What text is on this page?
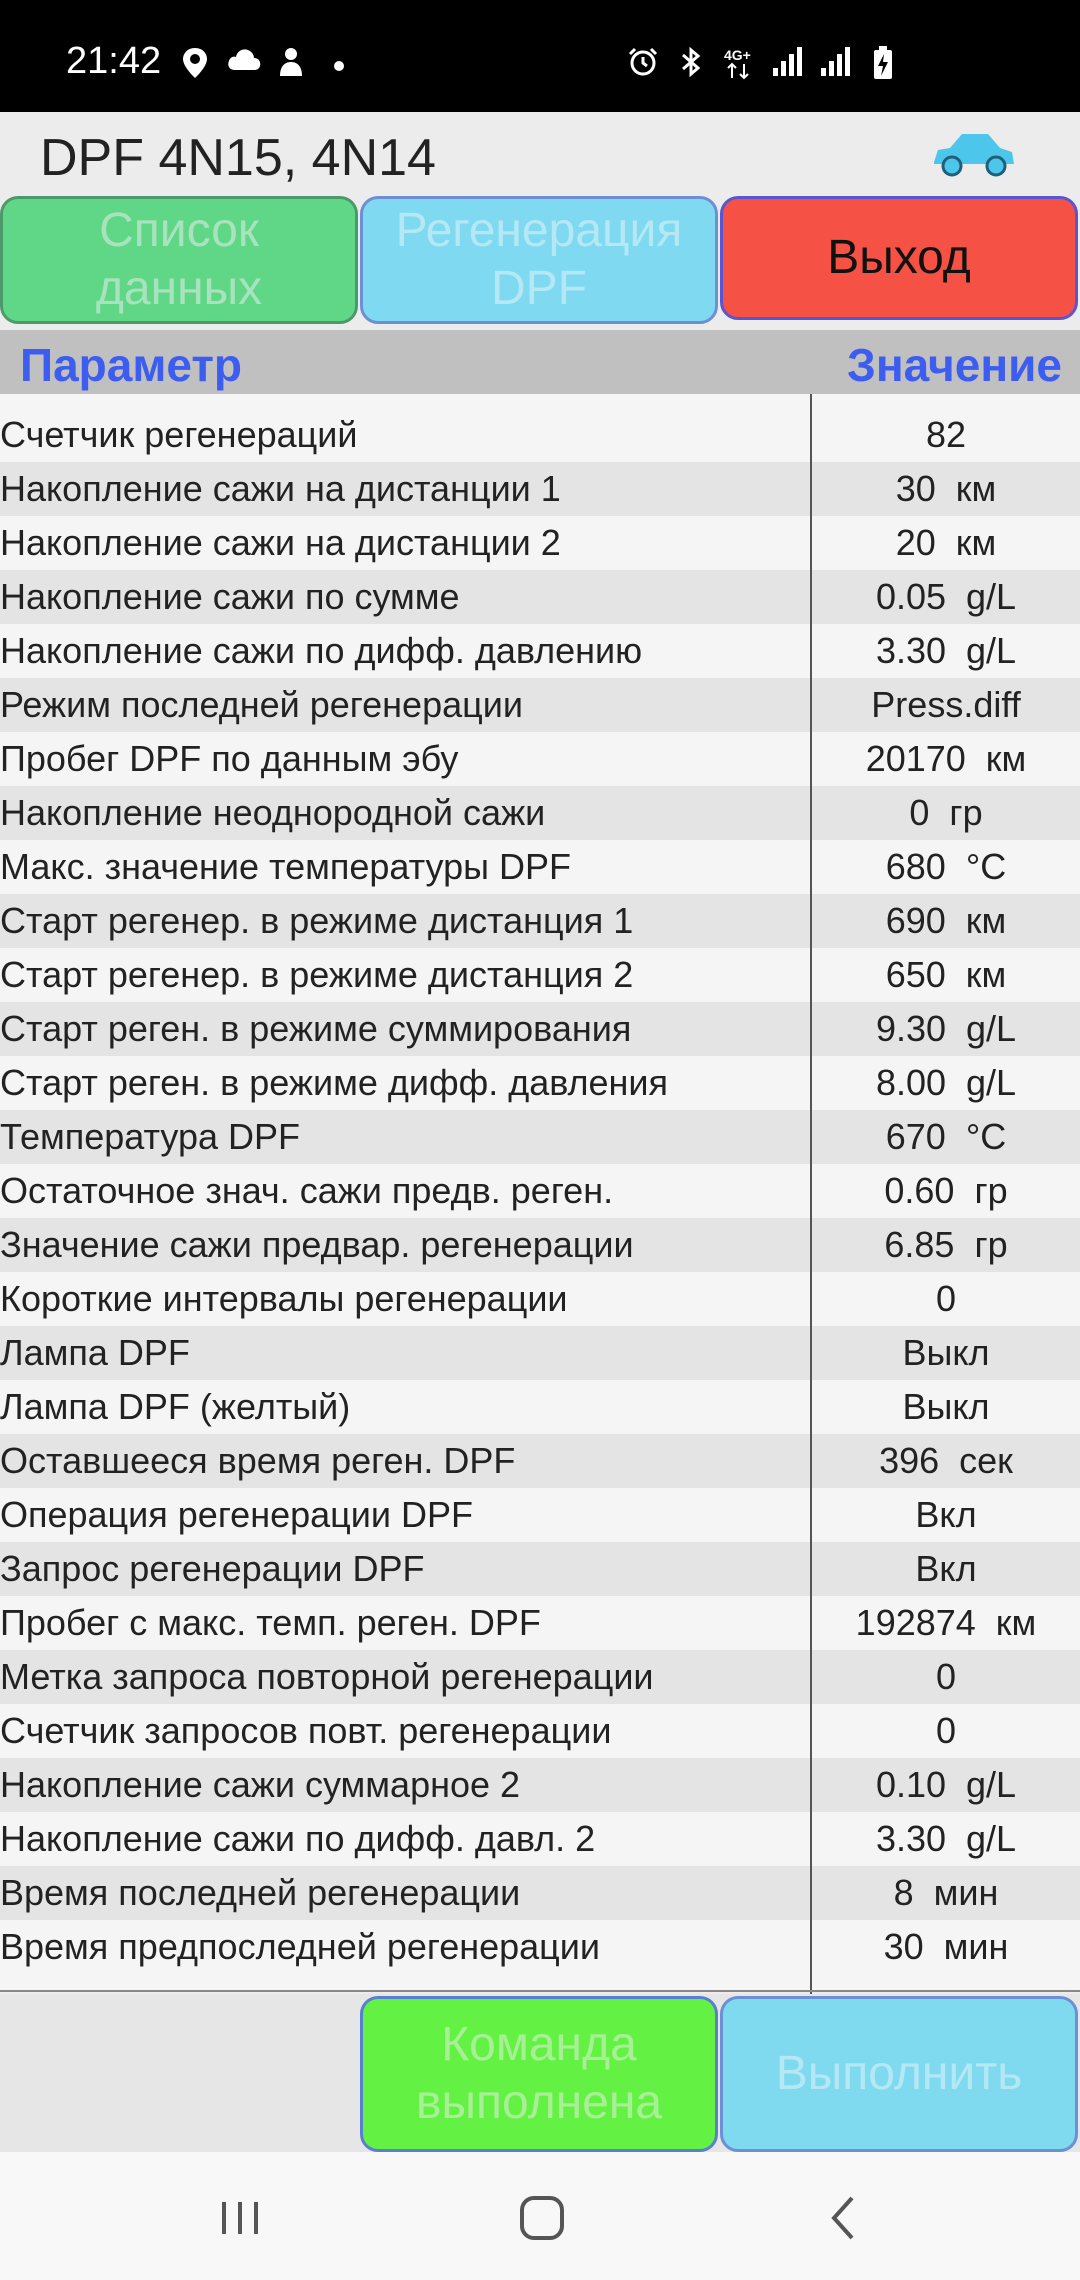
21:42	4G+
DPF 4N15, 4N14
Список
данных
Регенерация
DPF
Выход
Параметр	Значение
Счетчик регенераций	82
Накопление сажи на дистанции 1	30  км
Накопление сажи на дистанции 2	20  км
Накопление сажи по сумме	0.05  g/L
Накопление сажи по дифф. давлению	3.30  g/L
Режим последней регенерации	Press.diff
Пробег DPF по данным эбу	20170  км
Накопление неоднородной сажи	0  гр
Макс. значение температуры DPF	680  °C
Старт регенер. в режиме дистанция 1	690  км
Старт регенер. в режиме дистанция 2	650  км
Старт реген. в режиме суммирования	9.30  g/L
Старт реген. в режиме дифф. давления	8.00  g/L
Температура DPF	670  °C
Остаточное знач. сажи предв. реген.	0.60  гр
Значение сажи предвар. регенерации	6.85  гр
Короткие интервалы регенерации	0
Лампа DPF	Выкл
Лампа DPF (желтый)	Выкл
Оставшееся время реген. DPF	396  сек
Операция регенерации DPF	Вкл
Запрос регенерации DPF	Вкл
Пробег с макс. темп. реген. DPF	192874  км
Метка запроса повторной регенерации	0
Счетчик запросов повт. регенерации	0
Накопление сажи суммарное 2	0.10  g/L
Накопление сажи по дифф. давл. 2	3.30  g/L
Время последней регенерации	8  мин
Время предпоследней регенерации	30  мин
Команда
выполнена
Выполнить
